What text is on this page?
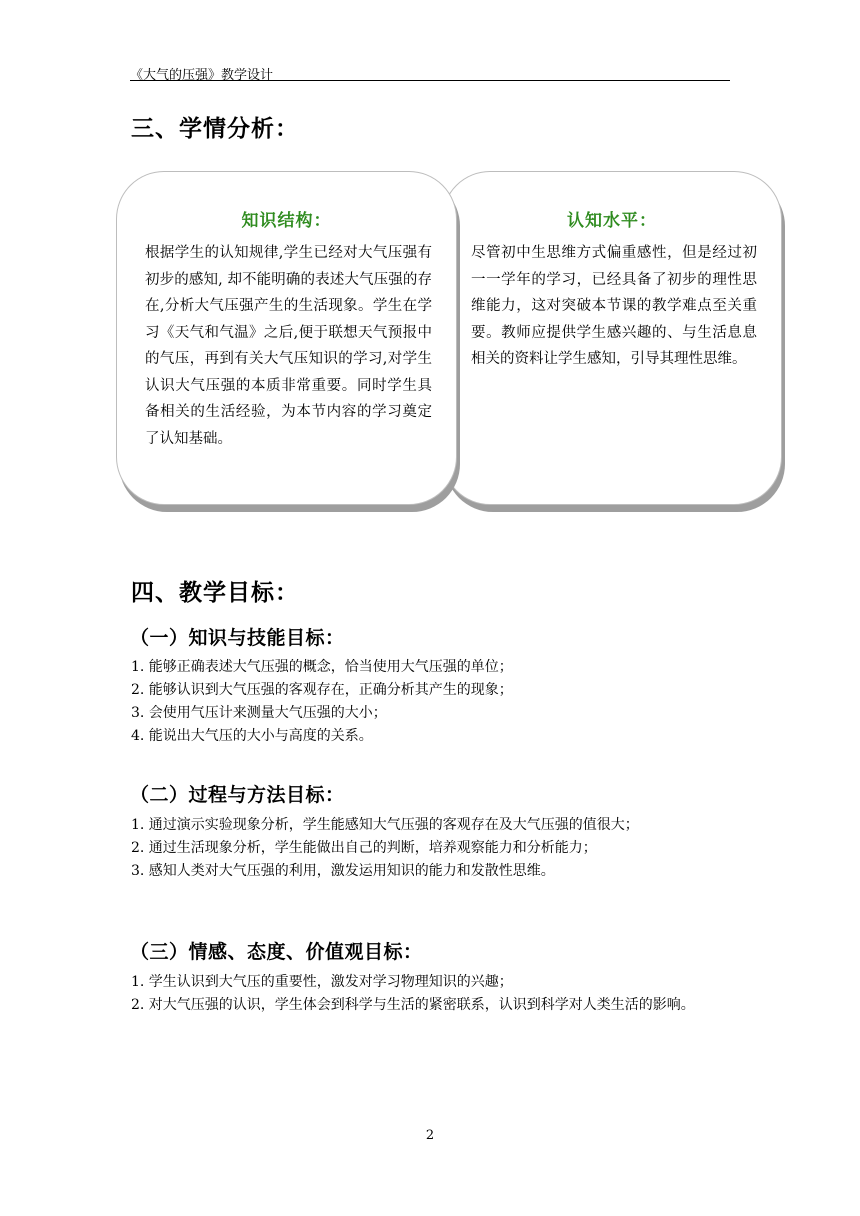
《大气的压强》教学设计
三、学情分析：
知识结构：
根据学生的认知规律,学生已经对大气压强有初步的感知, 却不能明确的表述大气压强的存在,分析大气压强产生的生活现象。学生在学习《天气和气温》之后,便于联想天气预报中的气压，再到有关大气压知识的学习,对学生认识大气压强的本质非常重要。同时学生具备相关的生活经验，为本节内容的学习奠定了认知基础。
认知水平：
尽管初中生思维方式偏重感性，但是经过初一一学年的学习，已经具备了初步的理性思维能力，这对突破本节课的教学难点至关重要。教师应提供学生感兴趣的、与生活息息相关的资料让学生感知，引导其理性思维。
四、教学目标：
（一）知识与技能目标：
1. 能够正确表述大气压强的概念，恰当使用大气压强的单位；
2. 能够认识到大气压强的客观存在，正确分析其产生的现象；
3. 会使用气压计来测量大气压强的大小；
4. 能说出大气压的大小与高度的关系。
（二）过程与方法目标：
1. 通过演示实验现象分析，学生能感知大气压强的客观存在及大气压强的值很大；
2. 通过生活现象分析，学生能做出自己的判断，培养观察能力和分析能力；
3. 感知人类对大气压强的利用，激发运用知识的能力和发散性思维。
（三）情感、态度、价值观目标：
1. 学生认识到大气压的重要性，激发对学习物理知识的兴趣；
2. 对大气压强的认识，学生体会到科学与生活的紧密联系，认识到科学对人类生活的影响。
2
